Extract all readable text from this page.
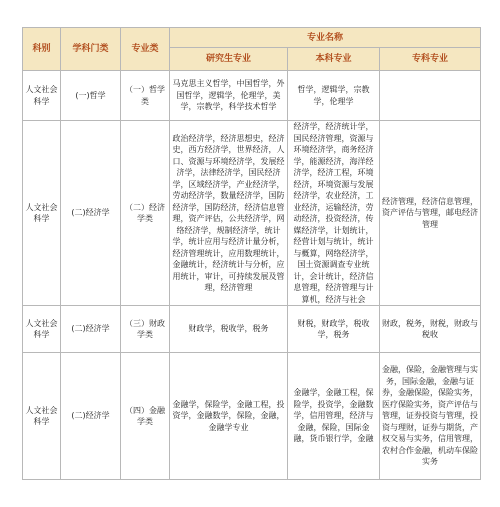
科别	学科门类	专业类	专业名称		
			研究生专业	本科专业	专科专业
人文社会科学	(一)哲学	（一）哲学类	马克思主义哲学，中国哲学，外国哲学，逻辑学，伦理学，美学，宗教学，科学技术哲学	哲学，逻辑学，宗教学，伦理学	
人文社会科学	(二)经济学	（二）经济学类	政治经济学，经济思想史，经济史，西方经济学，世界经济，人口、资源与环境经济学，发展经济学，法律经济学，国民经济学，区域经济学，产业经济学，劳动经济学，数量经济学，国防经济学，国防经济，经济信息管理，资产评估，公共经济学，网络经济学，规制经济学，统计学，统计应用与经济计量分析，经济管理统计，应用数理统计，金融统计，经济统计与分析，应用统计，审计，可持续发展及管理，经济管理	经济学，经济统计学，国民经济管理，资源与环境经济学，商务经济学，能源经济，海洋经济学，经济工程，环境经济，环境资源与发展经济学，农业经济，工业经济，运输经济，劳动经济，投资经济，传媒经济学，计划统计，经营计划与统计，统计与概算，网络经济学，国土资源调查专业统计，会计统计，经济信息管理，经济管理与计算机，经济与社会	经济管理，经济信息管理，资产评估与管理，邮电经济管理
人文社会科学	(二)经济学	（三）财政学类	财政学，税收学，税务	财税，财政学，税收学，税务	财政，税务，财税，财政与税收
人文社会科学	(二)经济学	（四）金融学类	金融学，保险学，金融工程，投资学，金融数学，保险，金融，金融学专业	金融学，金融工程，保险学，投资学，金融数学，信用管理，经济与金融，保险，国际金融，货币银行学，金融	金融，保险，金融管理与实务，国际金融，金融与证券，金融保险，保险实务，医疗保险实务，资产评估与管理，证券投资与管理，投资与理财，证券与期货，产权交易与实务，信用管理，农村合作金融，机动车保险实务
